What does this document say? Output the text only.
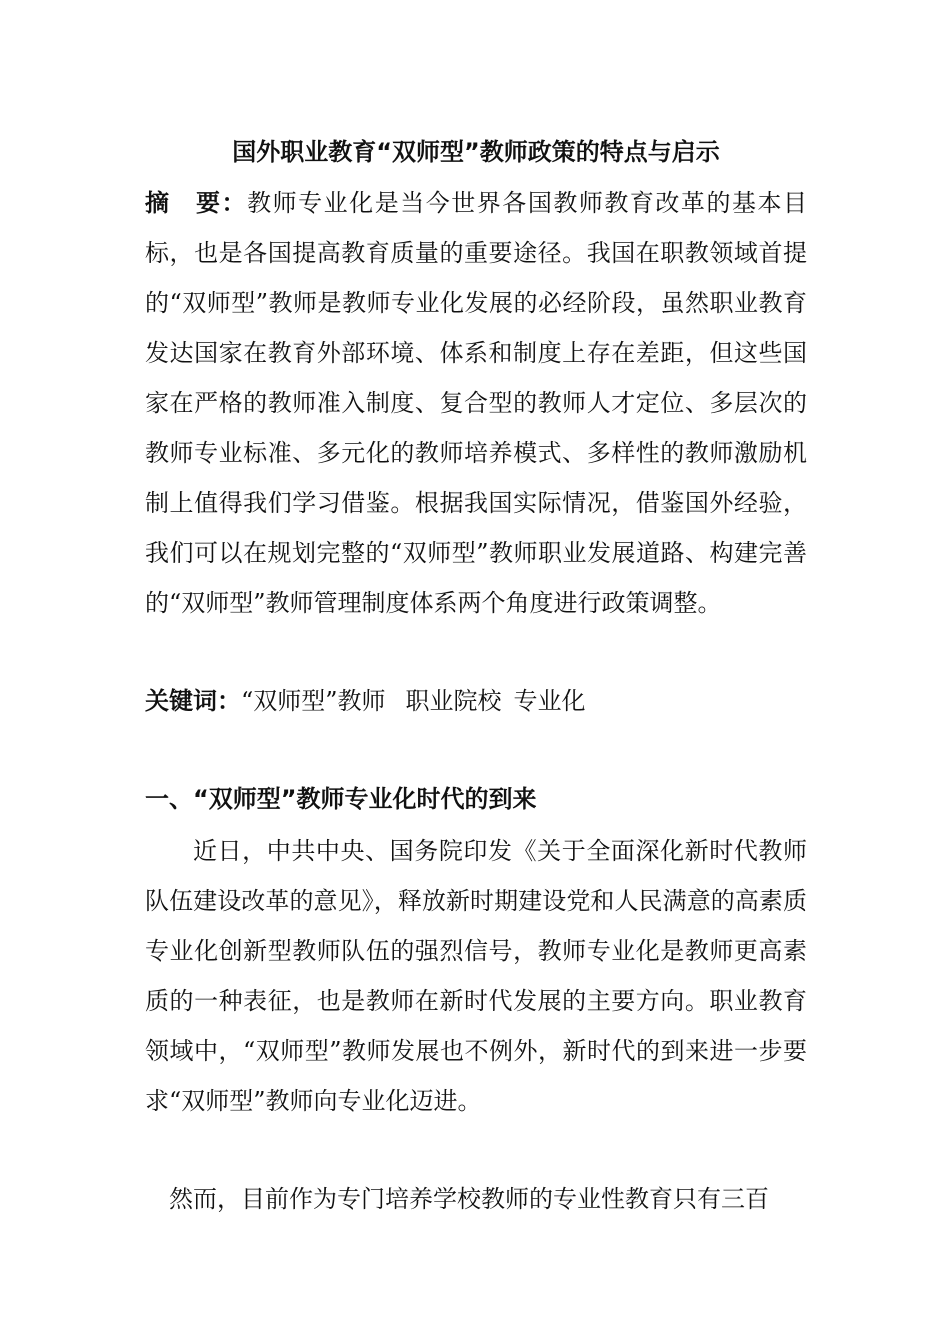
国外职业教育“双师型”教师政策的特点与启示
摘　要：教师专业化是当今世界各国教师教育改革的基本目标，也是各国提高教育质量的重要途径。我国在职教领域首提的“双师型”教师是教师专业化发展的必经阶段，虽然职业教育发达国家在教育外部环境、体系和制度上存在差距，但这些国家在严格的教师准入制度、复合型的教师人才定位、多层次的教师专业标准、多元化的教师培养模式、多样性的教师激励机制上值得我们学习借鉴。根据我国实际情况，借鉴国外经验，我们可以在规划完整的“双师型”教师职业发展道路、构建完善的“双师型”教师管理制度体系两个角度进行政策调整。
关键词：“双师型”教师 职业院校 专业化
一、“双师型”教师专业化时代的到来
近日，中共中央、国务院印发《关于全面深化新时代教师队伍建设改革的意见》，释放新时期建设党和人民满意的高素质专业化创新型教师队伍的强烈信号，教师专业化是教师更高素质的一种表征，也是教师在新时代发展的主要方向。职业教育领域中，“双师型”教师发展也不例外，新时代的到来进一步要求“双师型”教师向专业化迈进。
然而，目前作为专门培养学校教师的专业性教育只有三百
